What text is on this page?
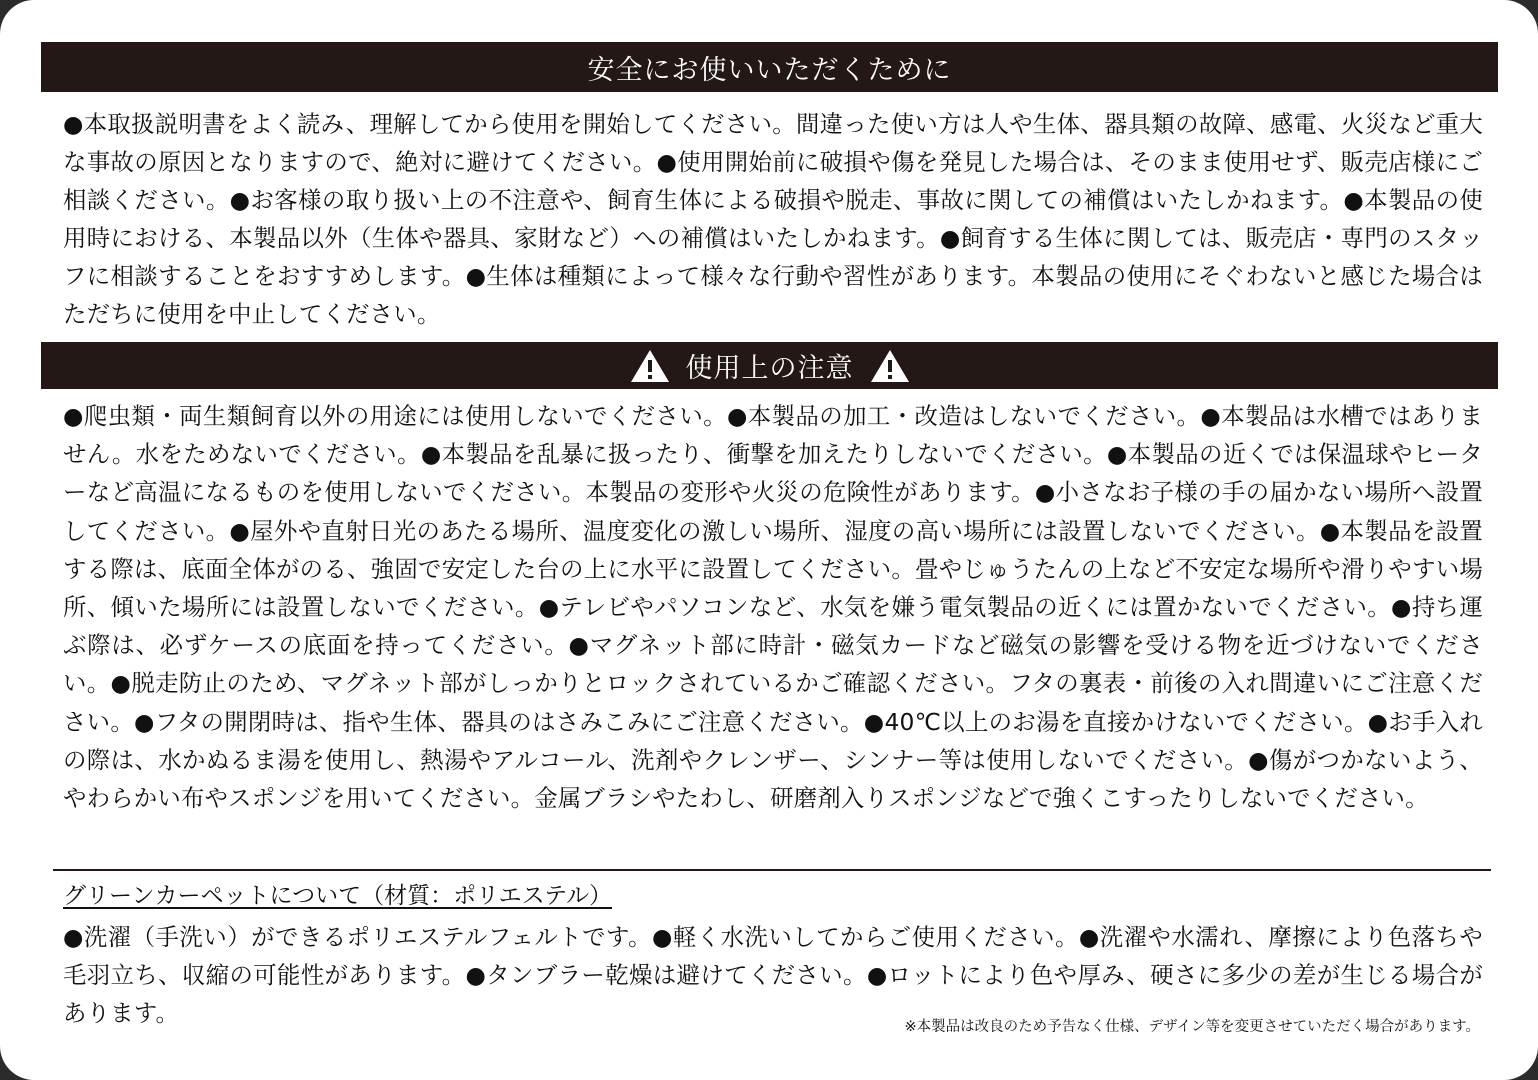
安全にお使いいただくために
●本取扱説明書をよく読み、理解してから使用を開始してください。間違った使い方は人や生体、器具類の故障、感電、火災など重大な事故の原因となりますので、絶対に避けてください。●使用開始前に破損や傷を発見した場合は、そのまま使用せず、販売店様にご相談ください。●お客様の取り扱い上の不注意や、飼育生体による破損や脱走、事故に関しての補償はいたしかねます。●本製品の使用時における、本製品以外（生体や器具、家財など）への補償はいたしかねます。●飼育する生体に関しては、販売店・専門のスタッフに相談することをおすすめします。●生体は種類によって様々な行動や習性があります。本製品の使用にそぐわないと感じた場合はただちに使用を中止してください。
使用上の注意
●爬虫類・両生類飼育以外の用途には使用しないでください。●本製品の加工・改造はしないでください。●本製品は水槽ではありません。水をためないでください。●本製品を乱暴に扱ったり、衝撃を加えたりしないでください。●本製品の近くでは保温球やヒーターなど高温になるものを使用しないでください。本製品の変形や火災の危険性があります。●小さなお子様の手の届かない場所へ設置してください。●屋外や直射日光のあたる場所、温度変化の激しい場所、湿度の高い場所には設置しないでください。●本製品を設置する際は、底面全体がのる、強固で安定した台の上に水平に設置してください。畳やじゅうたんの上など不安定な場所や滑りやすい場所、傾いた場所には設置しないでください。●テレビやパソコンなど、水気を嫌う電気製品の近くには置かないでください。●持ち運ぶ際は、必ずケースの底面を持ってください。●マグネット部に時計・磁気カードなど磁気の影響を受ける物を近づけないでください。●脱走防止のため、マグネット部がしっかりとロックされているかご確認ください。フタの裏表・前後の入れ間違いにご注意ください。●フタの開閉時は、指や生体、器具のはさみこみにご注意ください。●40℃以上のお湯を直接かけないでください。●お手入れの際は、水かぬるま湯を使用し、熱湯やアルコール、洗剤やクレンザー、シンナー等は使用しないでください。●傷がつかないよう、やわらかい布やスポンジを用いてください。金属ブラシやたわし、研磨剤入りスポンジなどで強くこすったりしないでください。
グリーンカーペットについて（材質：ポリエステル）
●洗濯（手洗い）ができるポリエステルフェルトです。●軽く水洗いしてからご使用ください。●洗濯や水濡れ、摩擦により色落ちや毛羽立ち、収縮の可能性があります。●タンブラー乾燥は避けてください。●ロットにより色や厚み、硬さに多少の差が生じる場合があります。	※本製品は改良のため予告なく仕様、デザイン等を変更させていただく場合があります。
